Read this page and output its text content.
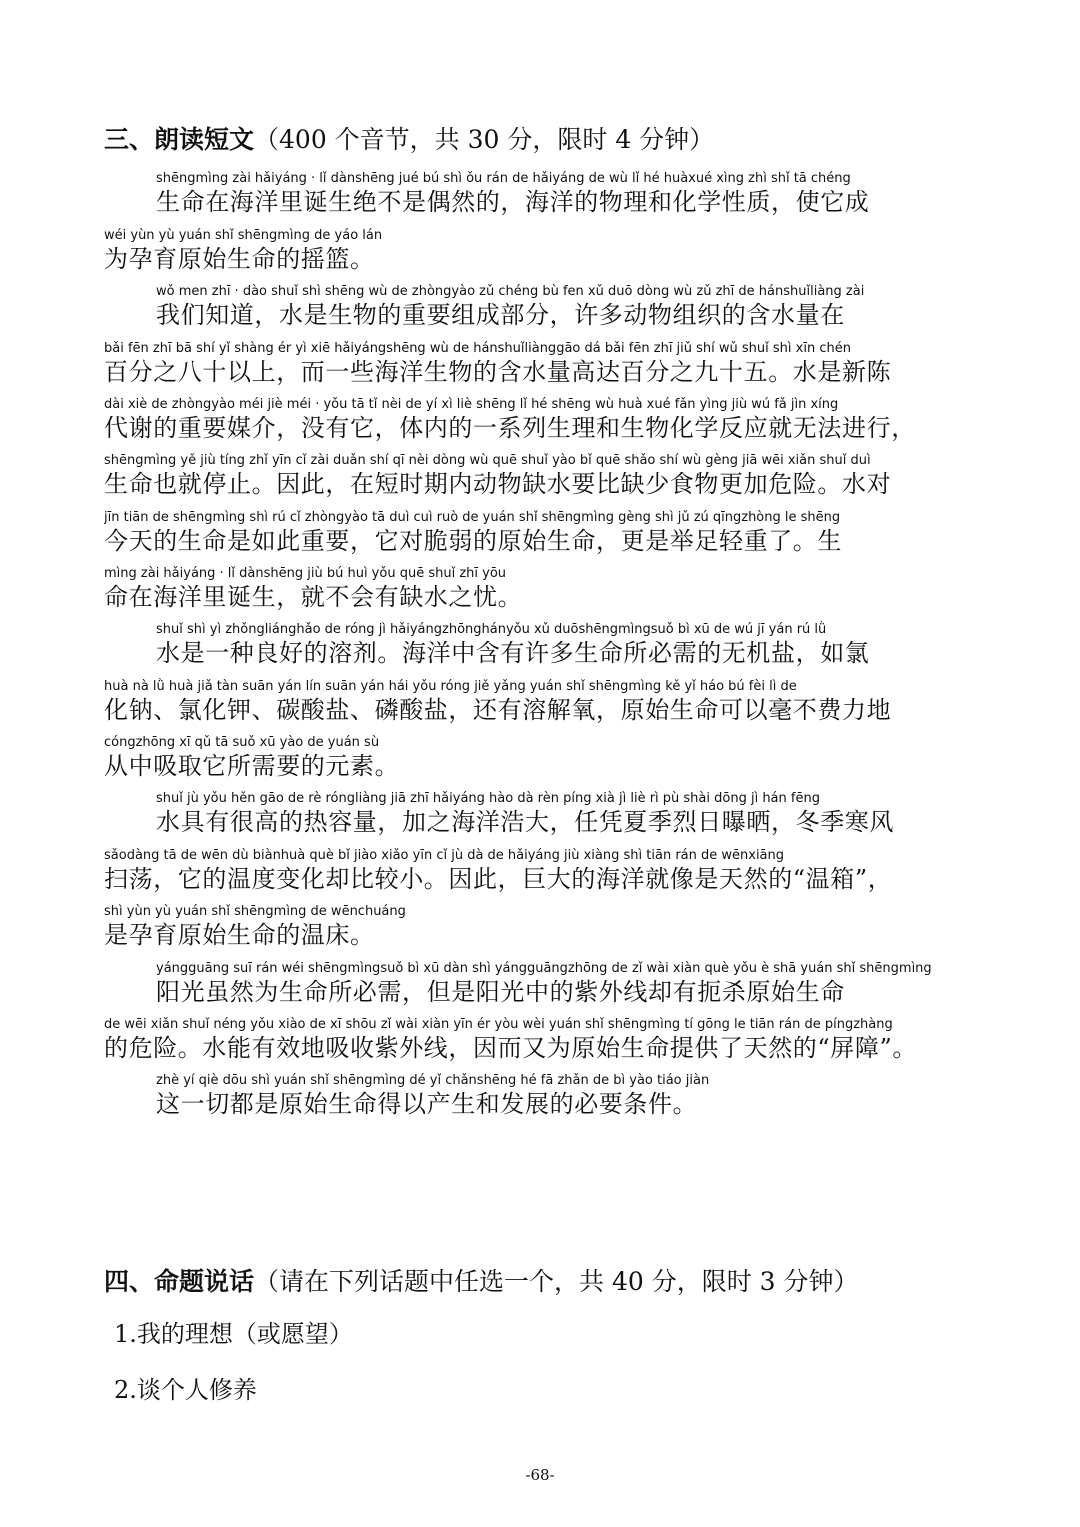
三、朗读短文（400 个音节，共 30 分，限时 4 分钟）
shēngmìng zài hǎiyáng · lǐ dànshēng jué bú shì ǒu rán de hǎiyáng de wù lǐ hé huàxué xìng zhì shǐ tā chéng
生命在海洋里诞生绝不是偶然的，海洋的物理和化学性质，使它成
wéi yùn yù yuán shǐ shēngmìng de yáo lán
为孕育原始生命的摇篮。
wǒ men zhī · dào shuǐ shì shēng wù de zhòngyào zǔ chéng bù fen xǔ duō dòng wù zǔ zhī de hánshuǐliàng zài
我们知道，水是生物的重要组成部分，许多动物组织的含水量在
bǎi fēn zhī bā shí yǐ shàng ér yì xiē hǎiyángshēng wù de hánshuǐliànggāo dá bǎi fēn zhī jiǔ shí wǔ shuǐ shì xīn chén
百分之八十以上，而一些海洋生物的含水量高达百分之九十五。水是新陈
dài xiè de zhòngyào méi jiè méi · yǒu tā tǐ nèi de yí xì liè shēng lǐ hé shēng wù huà xué fǎn yìng jiù wú fǎ jìn xíng
代谢的重要媒介，没有它，体内的一系列生理和生物化学反应就无法进行，
shēngmìng yě jiù tíng zhǐ yīn cǐ zài duǎn shí qī nèi dòng wù quē shuǐ yào bǐ quē shǎo shí wù gèng jiā wēi xiǎn shuǐ duì
生命也就停止。因此，在短时期内动物缺水要比缺少食物更加危险。水对
jīn tiān de shēngmìng shì rú cǐ zhòngyào tā duì cuì ruò de yuán shǐ shēngmìng gèng shì jǔ zú qīngzhòng le shēng
今天的生命是如此重要，它对脆弱的原始生命，更是举足轻重了。生
mìng zài hǎiyáng · lǐ dànshēng jiù bú huì yǒu quē shuǐ zhī yōu
命在海洋里诞生，就不会有缺水之忧。
shuǐ shì yì zhǒngliánghǎo de róng jì hǎiyángzhōnghányǒu xǔ duōshēngmìngsuǒ bì xū de wú jī yán rú lǜ
水是一种良好的溶剂。海洋中含有许多生命所必需的无机盐，如氯
huà nà lǜ huà jiǎ tàn suān yán lín suān yán hái yǒu róng jiě yǎng yuán shǐ shēngmìng kě yǐ háo bú fèi lì de
化钠、氯化钾、碳酸盐、磷酸盐，还有溶解氧，原始生命可以毫不费力地
cóngzhōng xī qǔ tā suǒ xū yào de yuán sù
从中吸取它所需要的元素。
shuǐ jù yǒu hěn gāo de rè róngliàng jiā zhī hǎiyáng hào dà rèn píng xià jì liè rì pù shài dōng jì hán fēng
水具有很高的热容量，加之海洋浩大，任凭夏季烈日曝晒，冬季寒风
sǎodàng tā de wēn dù biànhuà què bǐ jiào xiǎo yīn cǐ jù dà de hǎiyáng jiù xiàng shì tiān rán de wēnxiāng
扫荡，它的温度变化却比较小。因此，巨大的海洋就像是天然的“温箱”，
shì yùn yù yuán shǐ shēngmìng de wēnchuáng
是孕育原始生命的温床。
yángguāng suī rán wéi shēngmìngsuǒ bì xū dàn shì yángguāngzhōng de zǐ wài xiàn què yǒu è shā yuán shǐ shēngmìng
阳光虽然为生命所必需，但是阳光中的紫外线却有扼杀原始生命
de wēi xiǎn shuǐ néng yǒu xiào de xī shōu zǐ wài xiàn yīn ér yòu wèi yuán shǐ shēngmìng tí gōng le tiān rán de píngzhàng
的危险。水能有效地吸收紫外线，因而又为原始生命提供了天然的“屏障”。
zhè yí qiè dōu shì yuán shǐ shēngmìng dé yǐ chǎnshēng hé fā zhǎn de bì yào tiáo jiàn
这一切都是原始生命得以产生和发展的必要条件。
四、命题说话（请在下列话题中任选一个，共 40 分，限时 3 分钟）
1.我的理想（或愿望）
2.谈个人修养
-68-
